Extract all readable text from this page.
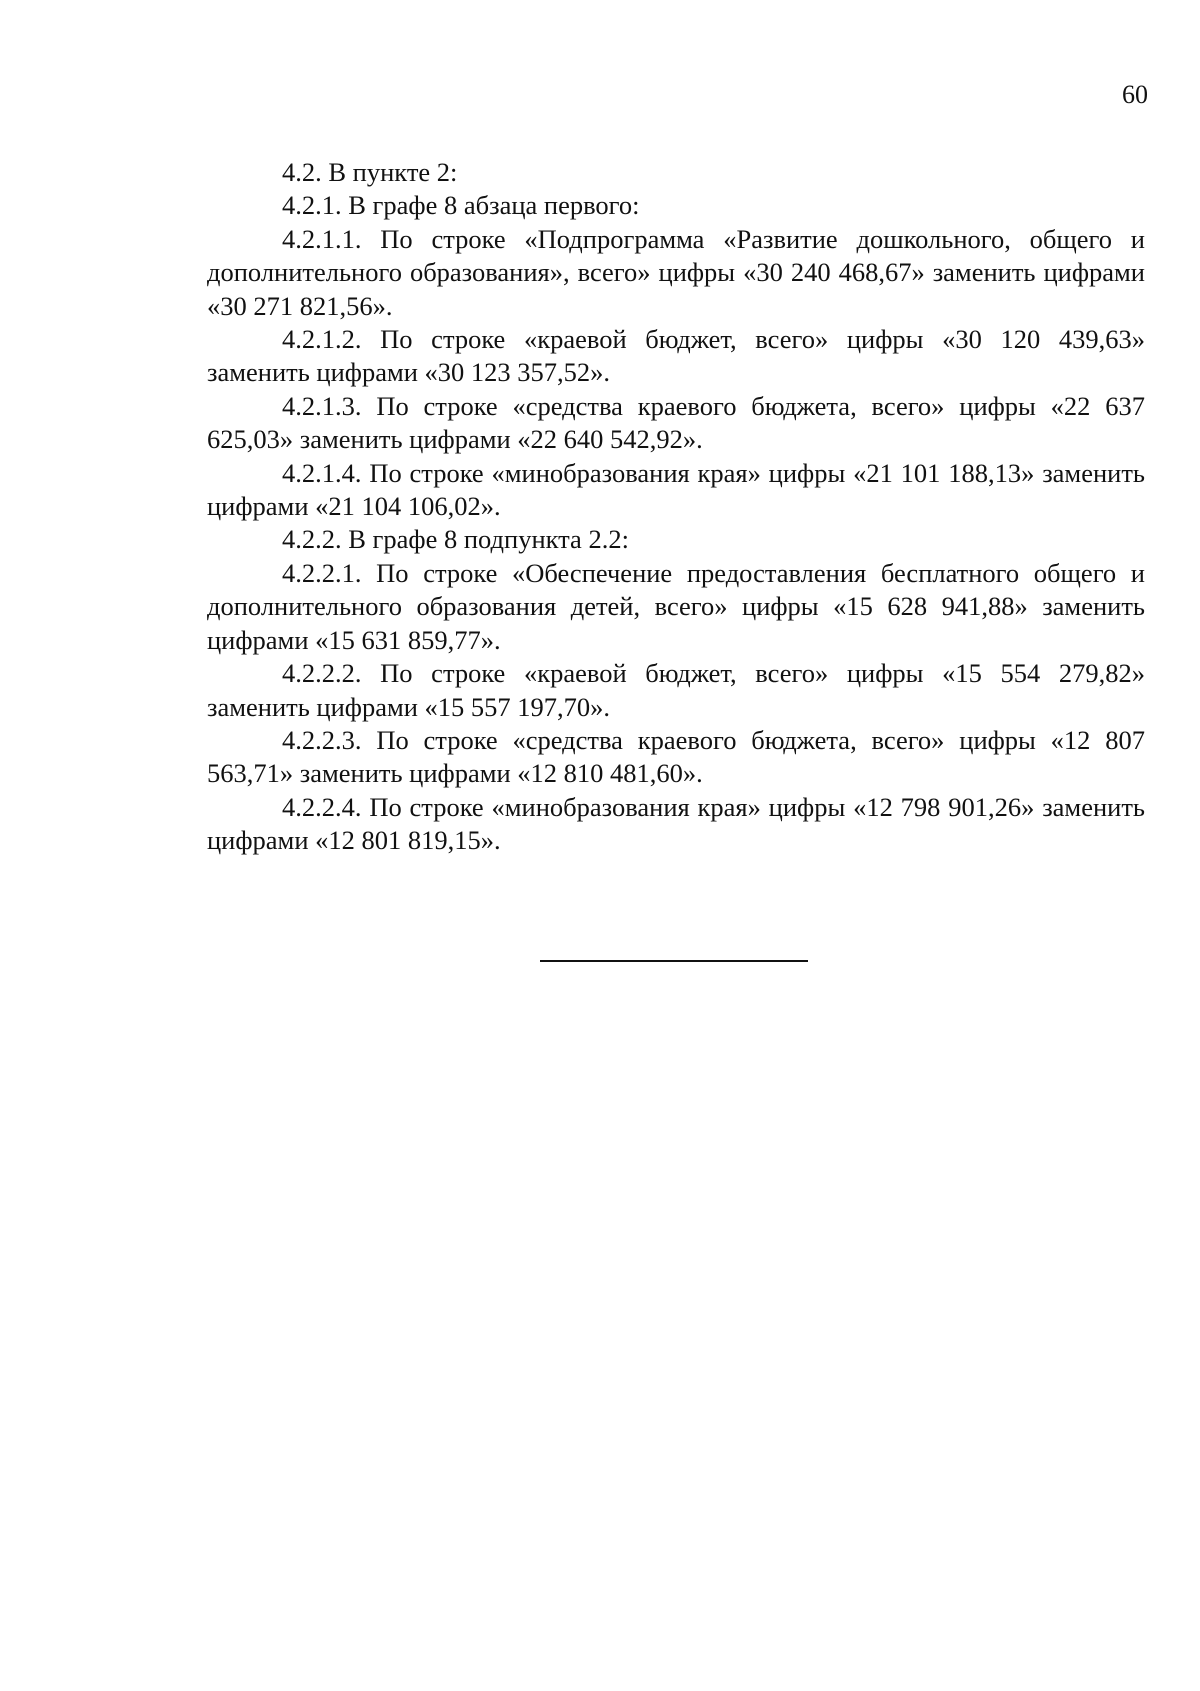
60

4.2. В пункте 2:

4.2.1. В графе 8 абзаца первого:

4.2.1.1. По строке «Подпрограмма «Развитие дошкольного, общего и дополнительного образования», всего» цифры «30 240 468,67» заменить цифрами «30 271 821,56».

4.2.1.2. По строке «краевой бюджет, всего» цифры «30 120 439,63» заменить цифрами «30 123 357,52».

4.2.1.3. По строке «средства краевого бюджета, всего» цифры «22 637 625,03» заменить цифрами «22 640 542,92».

4.2.1.4. По строке «минобразования края» цифры «21 101 188,13» заменить цифрами «21 104 106,02».

4.2.2. В графе 8 подпункта 2.2:

4.2.2.1. По строке «Обеспечение предоставления бесплатного общего и дополнительного образования детей, всего» цифры «15 628 941,88» заменить цифрами «15 631 859,77».

4.2.2.2. По строке «краевой бюджет, всего» цифры «15 554 279,82» заменить цифрами «15 557 197,70».

4.2.2.3. По строке «средства краевого бюджета, всего» цифры «12 807 563,71» заменить цифрами «12 810 481,60».

4.2.2.4. По строке «минобразования края» цифры «12 798 901,26» заменить цифрами «12 801 819,15».
